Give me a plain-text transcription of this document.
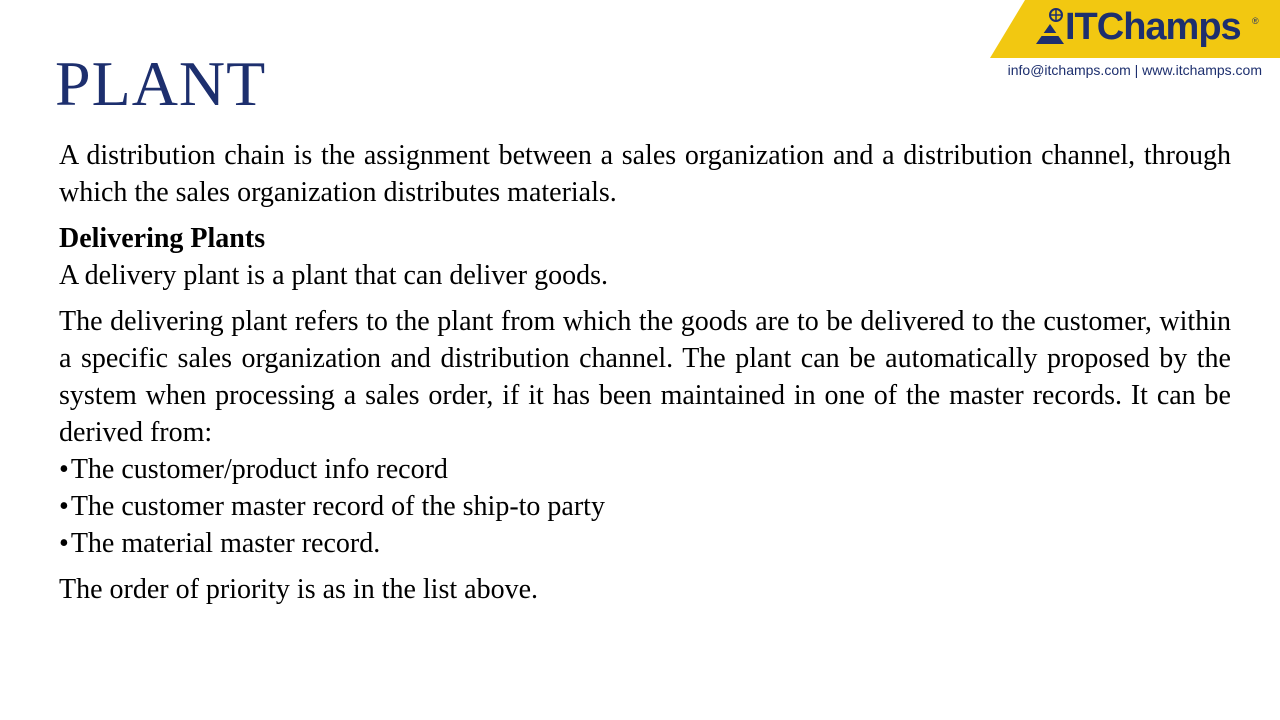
ITChamps ®
info@itchamps.com | www.itchamps.com
PLANT

A distribution chain is the assignment between a sales organization and a distribution channel, through which the sales organization distributes materials.

Delivering Plants

A delivery plant is a plant that can deliver goods.

The delivering plant refers to the plant from which the goods are to be delivered to the customer, within a specific sales organization and distribution channel. The plant can be automatically proposed by the system when processing a sales order, if it has been maintained in one of the master records. It can be derived from:

•The customer/product info record
•The customer master record of the ship-to party
•The material master record.

The order of priority is as in the list above.
